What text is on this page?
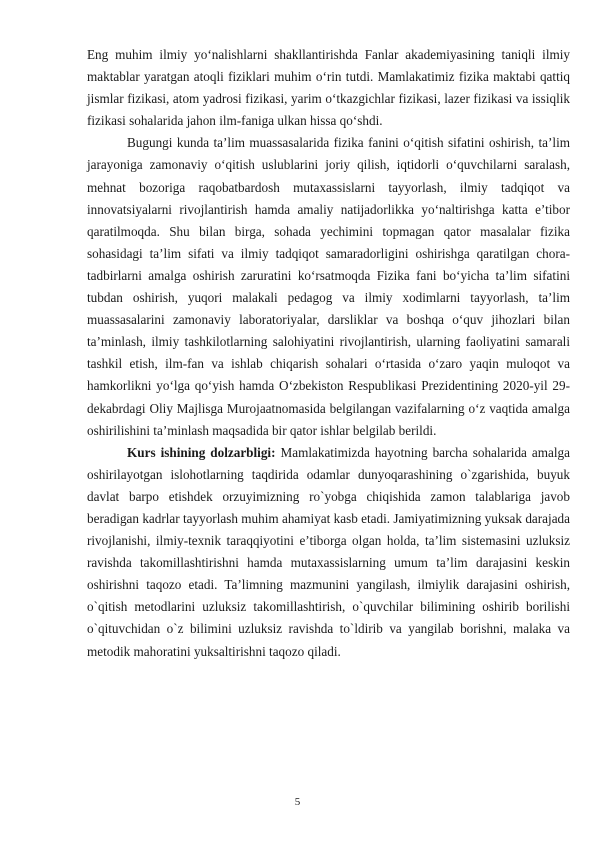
Eng muhim ilmiy yo‘nalishlarni shakllantirishda Fanlar akademiyasining taniqli ilmiy maktablar yaratgan atoqli fiziklari muhim o‘rin tutdi. Mamlakatimiz fizika maktabi qattiq jismlar fizikasi, atom yadrosi fizikasi, yarim o‘tkazgichlar fizikasi, lazer fizikasi va issiqlik fizikasi sohalarida jahon ilm-faniga ulkan hissa qo‘shdi.

Bugungi kunda ta’lim muassasalarida fizika fanini o‘qitish sifatini oshirish, ta’lim jarayoniga zamonaviy o‘qitish uslublarini joriy qilish, iqtidorli o‘quvchilarni saralash, mehnat bozoriga raqobatbardosh mutaxassislarni tayyorlash, ilmiy tadqiqot va innovatsiyalarni rivojlantirish hamda amaliy natijadorlikka yo‘naltirishga katta e’tibor qaratilmoqda. Shu bilan birga, sohada yechimini topmagan qator masalalar fizika sohasidagi ta’lim sifati va ilmiy tadqiqot samaradorligini oshirishga qaratilgan chora-tadbirlarni amalga oshirish zaruratini ko‘rsatmoqda Fizika fani bo‘yicha ta’lim sifatini tubdan oshirish, yuqori malakali pedagog va ilmiy xodimlarni tayyorlash, ta’lim muassasalarini zamonaviy laboratoriyalar, darsliklar va boshqa o‘quv jihozlari bilan ta’minlash, ilmiy tashkilotlarning salohiyatini rivojlantirish, ularning faoliyatini samarali tashkil etish, ilm-fan va ishlab chiqarish sohalari o‘rtasida o‘zaro yaqin muloqot va hamkorlikni yo‘lga qo‘yish hamda O‘zbekiston Respublikasi Prezidentining 2020-yil 29-dekabrdagi Oliy Majlisga Murojaatnomasida belgilangan vazifalarning o‘z vaqtida amalga oshirilishini ta’minlash maqsadida bir qator ishlar belgilab berildi.

Kurs ishining dolzarbligi: Mamlakatimizda hayotning barcha sohalarida amalga oshirilayotgan islohotlarning taqdirida odamlar dunyoqarashining o`zgarishida, buyuk davlat barpo etishdek orzuyimizning ro`yobga chiqishida zamon talablariga javob beradigan kadrlar tayyorlash muhim ahamiyat kasb etadi. Jamiyatimizning yuksak darajada rivojlanishi, ilmiy-texnik taraqqiyotini e’tiborga olgan holda, ta’lim sistemasini uzluksiz ravishda takomillashtirishni hamda mutaxassislarning umum ta’lim darajasini keskin oshirishni taqozo etadi. Ta’limning mazmunini yangilash, ilmiylik darajasini oshirish, o`qitish metodlarini uzluksiz takomillashtirish, o`quvchilar bilimining oshirib borilishi o`qituvchidan o`z bilimini uzluksiz ravishda to`ldirib va yangilab borishni, malaka va metodik mahoratini yuksaltirishni taqozo qiladi.

5
